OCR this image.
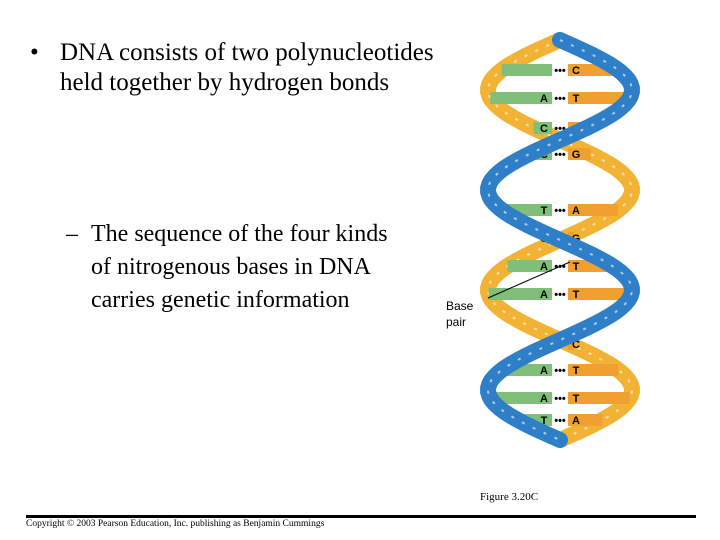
• DNA consists of two polynucleotides held together by hydrogen bonds
– The sequence of the four kinds of nitrogenous bases in DNA carries genetic information
••• C
•••
A T
•••
C G
•••
C G
•••
T A
•••
C G
•••
A T
•••
A T
•••
G C
•••
A T
•••
A T
•••
T A
Base
pair
Figure 3.20C
Copyright © 2003 Pearson Education, Inc. publishing as Benjamin Cummings
